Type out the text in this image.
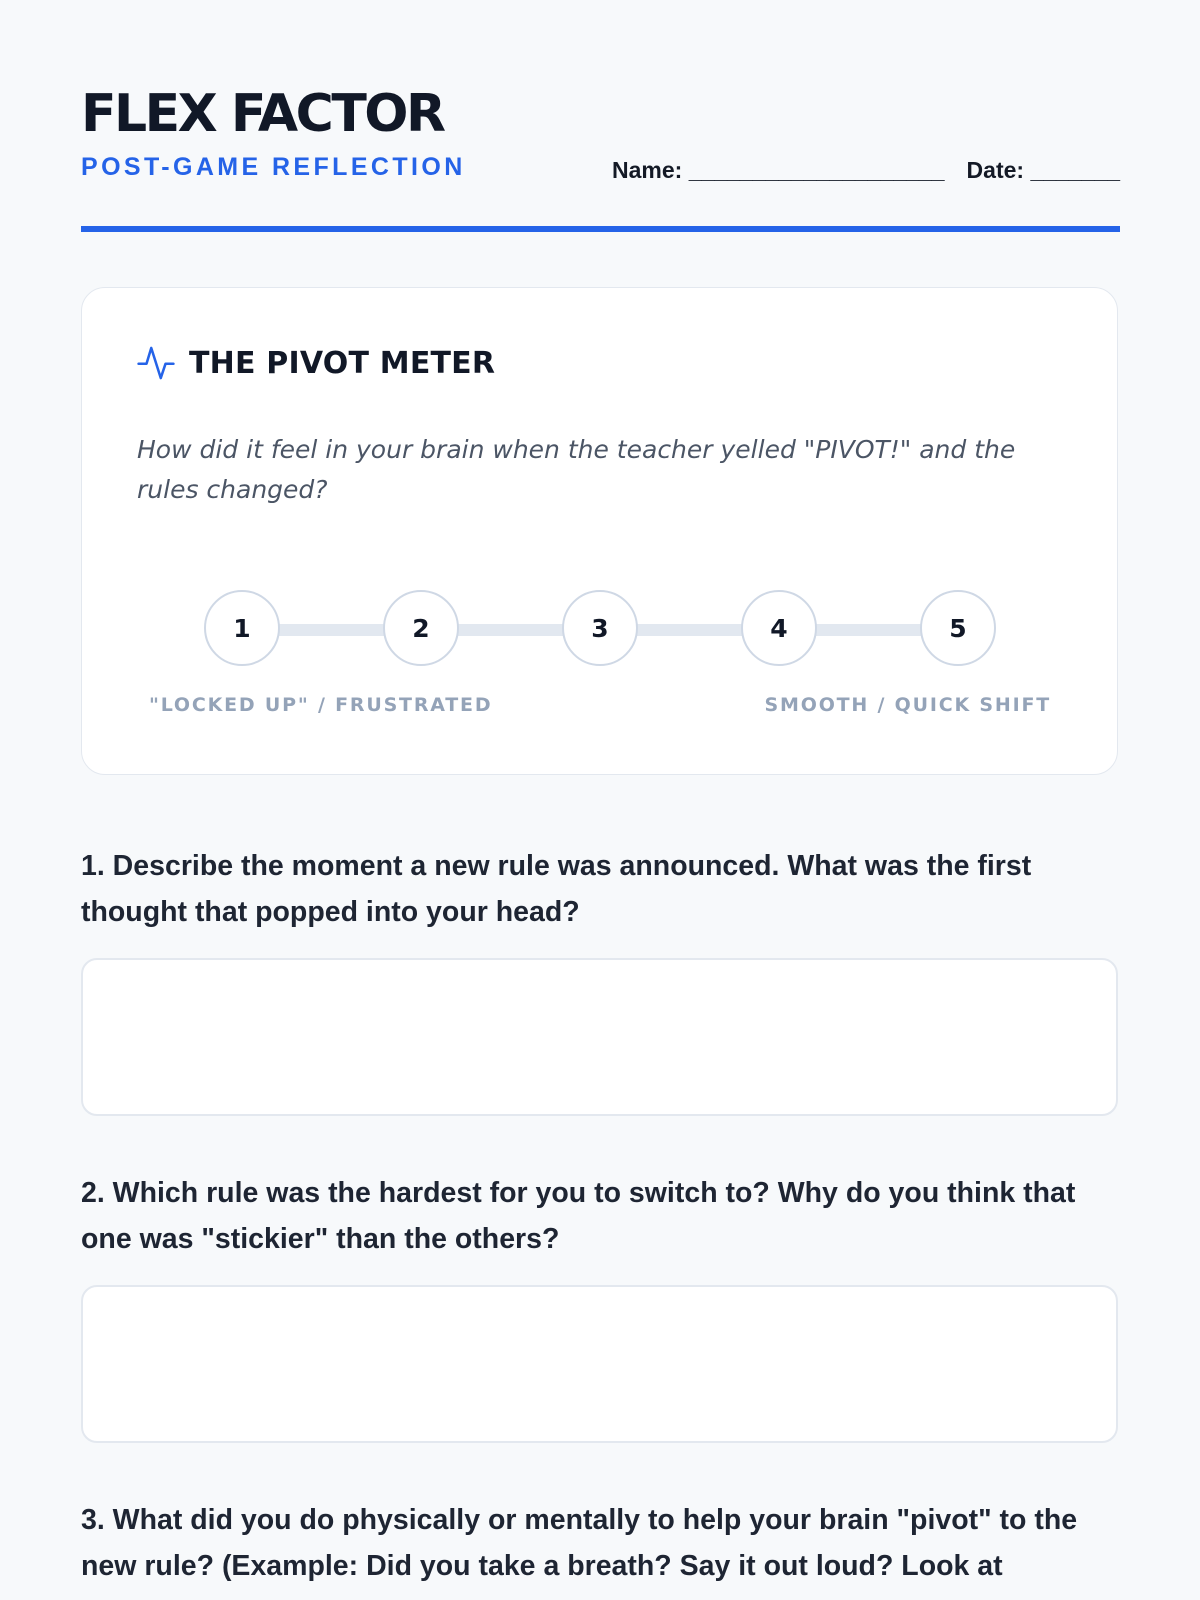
FLEX FACTOR
POST-GAME REFLECTION	Name: ____________________ Date: _______
THE PIVOT METER

How did it feel in your brain when the teacher yelled "PIVOT!" and the rules changed?

1	2	3	4	5
"LOCKED UP" / FRUSTRATED	SMOOTH / QUICK SHIFT

1. Describe the moment a new rule was announced. What was the first thought that popped into your head?

2. Which rule was the hardest for you to switch to? Why do you think that one was "stickier" than the others?

3. What did you do physically or mentally to help your brain "pivot" to the new rule? (Example: Did you take a breath? Say it out loud? Look at
